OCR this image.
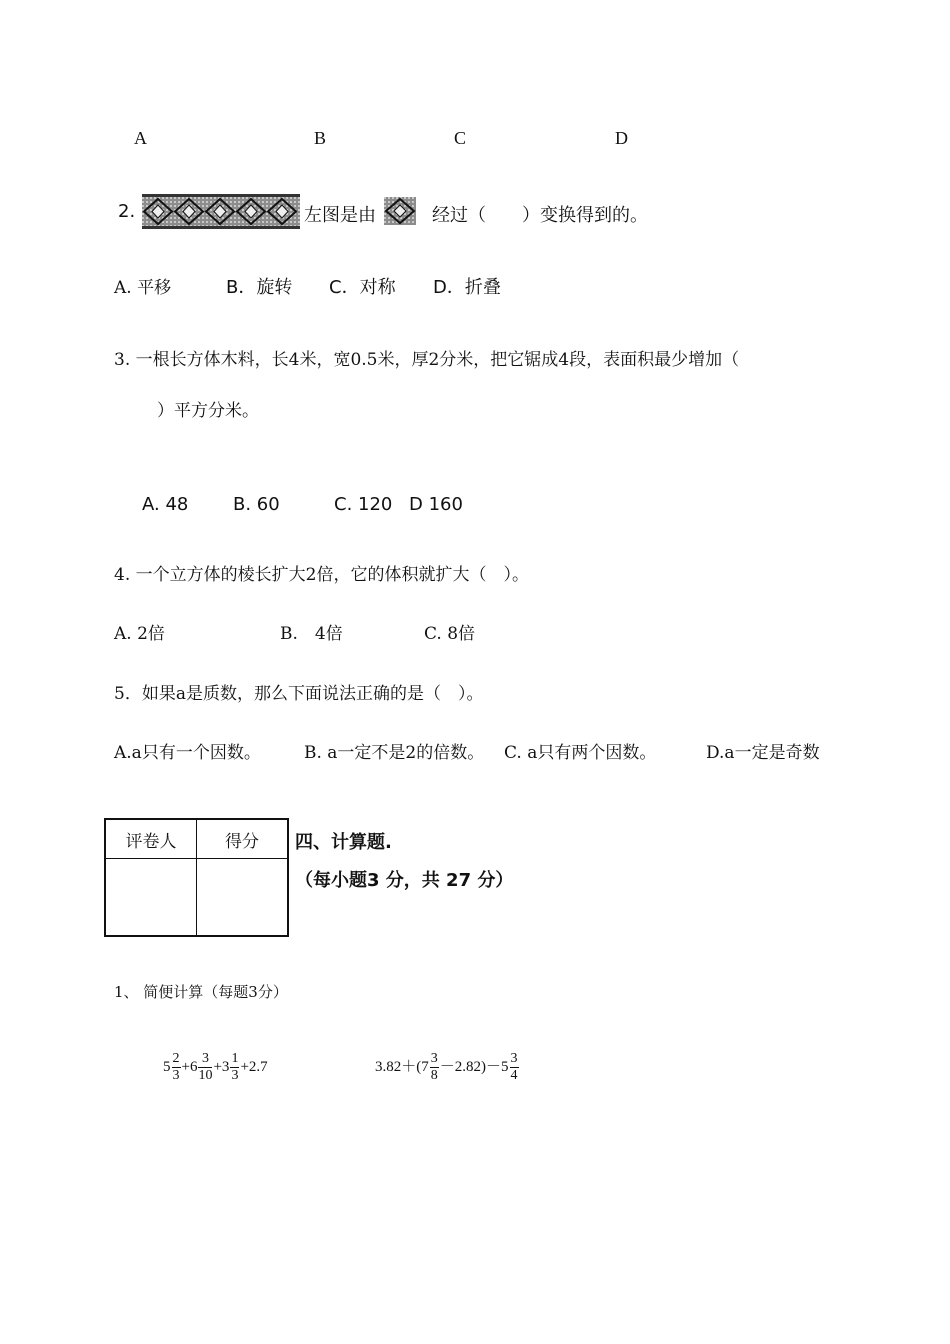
A	B	C	D
2.	左图是由	经过（　　）变换得到的。
A. 平移	B．旋转 C．对称 D．折叠
3. 一根长方体木料，长4米，宽0.5米，厚2分米，把它锯成4段，表面积最少增加（
）平方分米。
A. 48 B. 60	C. 120 D 160
4. 一个立方体的棱长扩大2倍，它的体积就扩大（　）。
A. 2倍	B.　4倍	C. 8倍
5．如果a是质数，那么下面说法正确的是（　）。
A.a只有一个因数。	B. a一定不是2的倍数。 C. a只有两个因数。	D.a一定是奇数
评卷人	得分
	四、计算题.
（每小题3 分，共 27 分）
1、 简便计算（每题3分）
$5 \frac{2}{3} +6 \frac{3}{10} +3 \frac{1}{3} +2.7$	$3.82+(7 \frac{3}{8} -2.82)-5 \frac{3}{4}$
